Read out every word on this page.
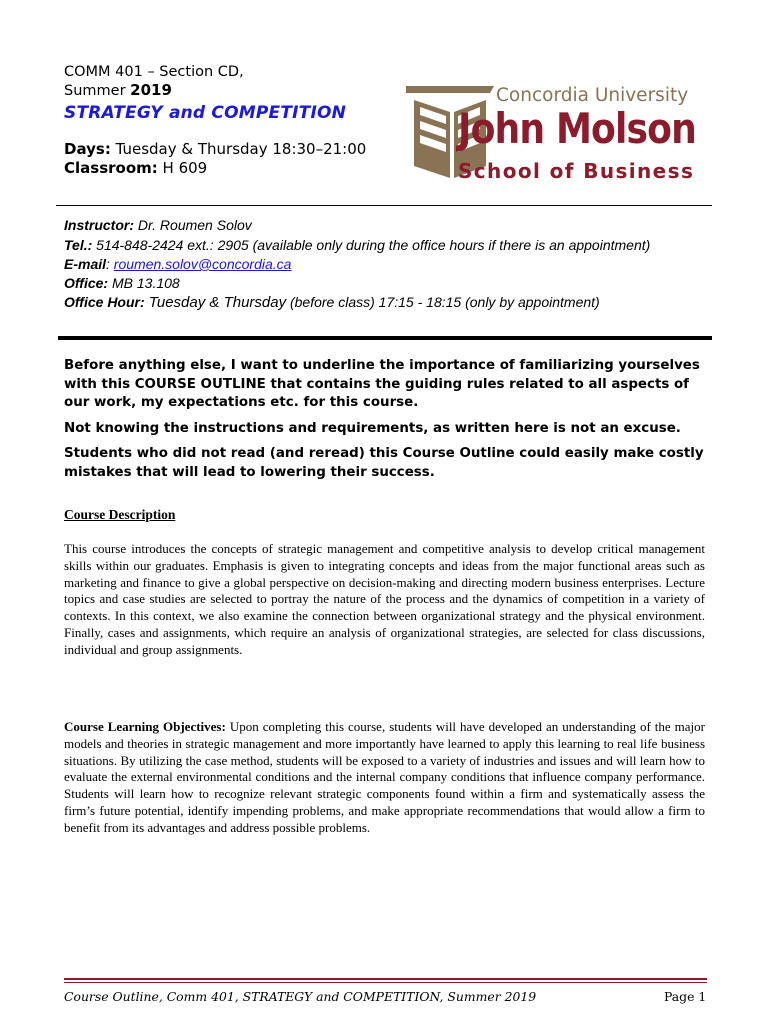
COMM 401 – Section CD,
Summer 2019
STRATEGY and COMPETITION
Days: Tuesday & Thursday 18:30–21:00
Classroom: H 609
Concordia University
John Molson
School of Business
Instructor: Dr. Roumen Solov
Tel.: 514-848-2424 ext.: 2905 (available only during the office hours if there is an appointment)
E-mail: roumen.solov@concordia.ca
Office: MB 13.108
Office Hour: Tuesday & Thursday (before class) 17:15 - 18:15 (only by appointment)
Before anything else, I want to underline the importance of familiarizing yourselves with this COURSE OUTLINE that contains the guiding rules related to all aspects of our work, my expectations etc. for this course.
Not knowing the instructions and requirements, as written here is not an excuse.
Students who did not read (and reread) this Course Outline could easily make costly mistakes that will lead to lowering their success.
Course Description
This course introduces the concepts of strategic management and competitive analysis to develop critical management skills within our graduates. Emphasis is given to integrating concepts and ideas from the major functional areas such as marketing and finance to give a global perspective on decision-making and directing modern business enterprises. Lecture topics and case studies are selected to portray the nature of the process and the dynamics of competition in a variety of contexts. In this context, we also examine the connection between organizational strategy and the physical environment. Finally, cases and assignments, which require an analysis of organizational strategies, are selected for class discussions, individual and group assignments.
Course Learning Objectives: Upon completing this course, students will have developed an understanding of the major models and theories in strategic management and more importantly have learned to apply this learning to real life business situations. By utilizing the case method, students will be exposed to a variety of industries and issues and will learn how to evaluate the external environmental conditions and the internal company conditions that influence company performance. Students will learn how to recognize relevant strategic components found within a firm and systematically assess the firm’s future potential, identify impending problems, and make appropriate recommendations that would allow a firm to benefit from its advantages and address possible problems.
Course Outline, Comm 401, STRATEGY and COMPETITION, Summer 2019	Page 1
